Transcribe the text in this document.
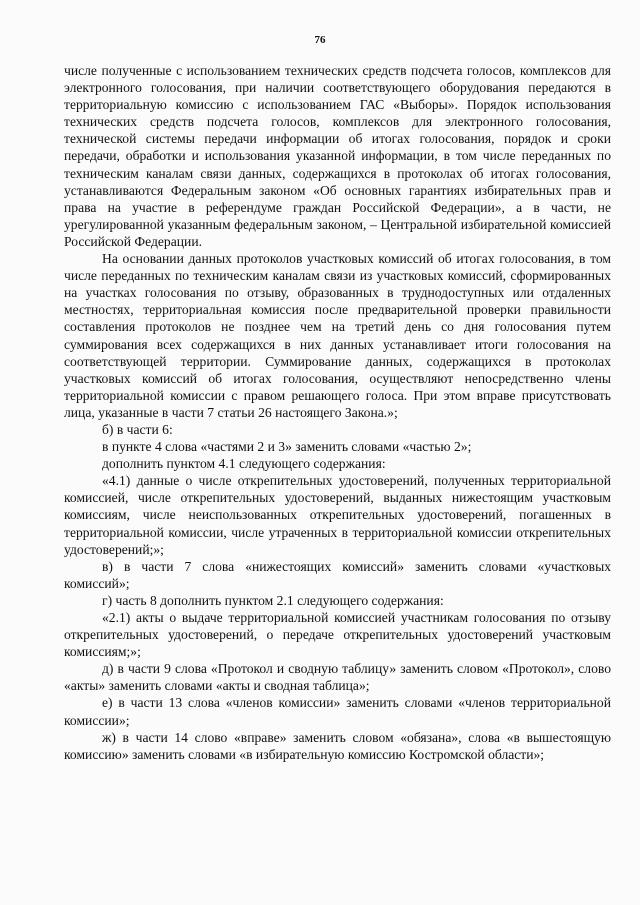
76

числе полученные с использованием технических средств подсчета голосов, комплексов для электронного голосования, при наличии соответствующего оборудования передаются в территориальную комиссию с использованием ГАС «Выборы». Порядок использования технических средств подсчета голосов, комплексов для электронного голосования, технической системы передачи информации об итогах голосования, порядок и сроки передачи, обработки и использования указанной информации, в том числе переданных по техническим каналам связи данных, содержащихся в протоколах об итогах голосования, устанавливаются Федеральным законом «Об основных гарантиях избирательных прав и права на участие в референдуме граждан Российской Федерации», а в части, не урегулированной указанным федеральным законом, – Центральной избирательной комиссией Российской Федерации.

На основании данных протоколов участковых комиссий об итогах голосования, в том числе переданных по техническим каналам связи из участковых комиссий, сформированных на участках голосования по отзыву, образованных в труднодоступных или отдаленных местностях, территориальная комиссия после предварительной проверки правильности составления протоколов не позднее чем на третий день со дня голосования путем суммирования всех содержащихся в них данных устанавливает итоги голосования на соответствующей территории. Суммирование данных, содержащихся в протоколах участковых комиссий об итогах голосования, осуществляют непосредственно члены территориальной комиссии с правом решающего голоса. При этом вправе присутствовать лица, указанные в части 7 статьи 26 настоящего Закона.»;

б) в части 6:

в пункте 4 слова «частями 2 и 3» заменить словами «частью 2»;

дополнить пунктом 4.1 следующего содержания:

«4.1) данные о числе открепительных удостоверений, полученных территориальной комиссией, числе открепительных удостоверений, выданных нижестоящим участковым комиссиям, числе неиспользованных открепительных удостоверений, погашенных в территориальной комиссии, числе утраченных в территориальной комиссии открепительных удостоверений;»;

в) в части 7 слова «нижестоящих комиссий» заменить словами «участковых комиссий»;

г) часть 8 дополнить пунктом 2.1 следующего содержания:

«2.1) акты о выдаче территориальной комиссией участникам голосования по отзыву открепительных удостоверений, о передаче открепительных удостоверений участковым комиссиям;»;

д) в части 9 слова «Протокол и сводную таблицу» заменить словом «Протокол», слово «акты» заменить словами «акты и сводная таблица»;

е) в части 13 слова «членов комиссии» заменить словами «членов территориальной комиссии»;

ж) в части 14 слово «вправе» заменить словом «обязана», слова «в вышестоящую комиссию» заменить словами «в избирательную комиссию Костромской области»;
